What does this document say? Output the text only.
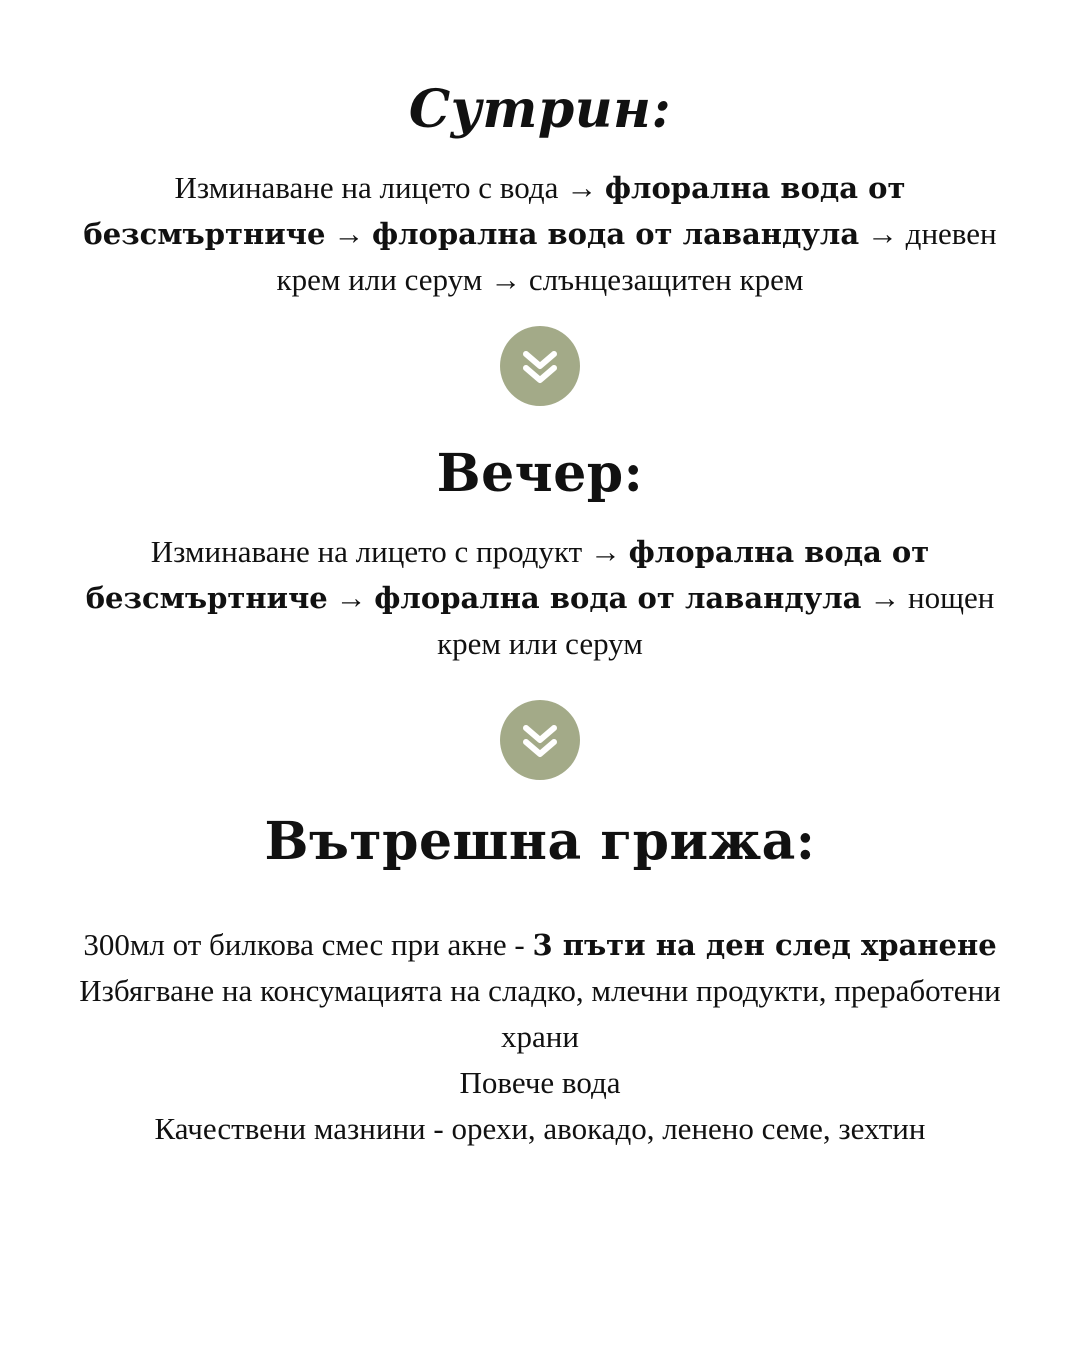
Сутрин:
Изминаване на лицето с вода → флорална вода от безсмъртниче → флорална вода от лавандула → дневен крем или серум → слънцезащитен крем
Вечер:
Изминаване на лицето с продукт → флорална вода от безсмъртниче → флорална вода от лавандула → нощен крем или серум
Вътрешна грижа:
300мл от билкова смес при акне - 3 пъти на ден след хранене
Избягване на консумацията на сладко, млечни продукти, преработени храни
Повече вода
Качествени мазнини - орехи, авокадо, ленено семе, зехтин
